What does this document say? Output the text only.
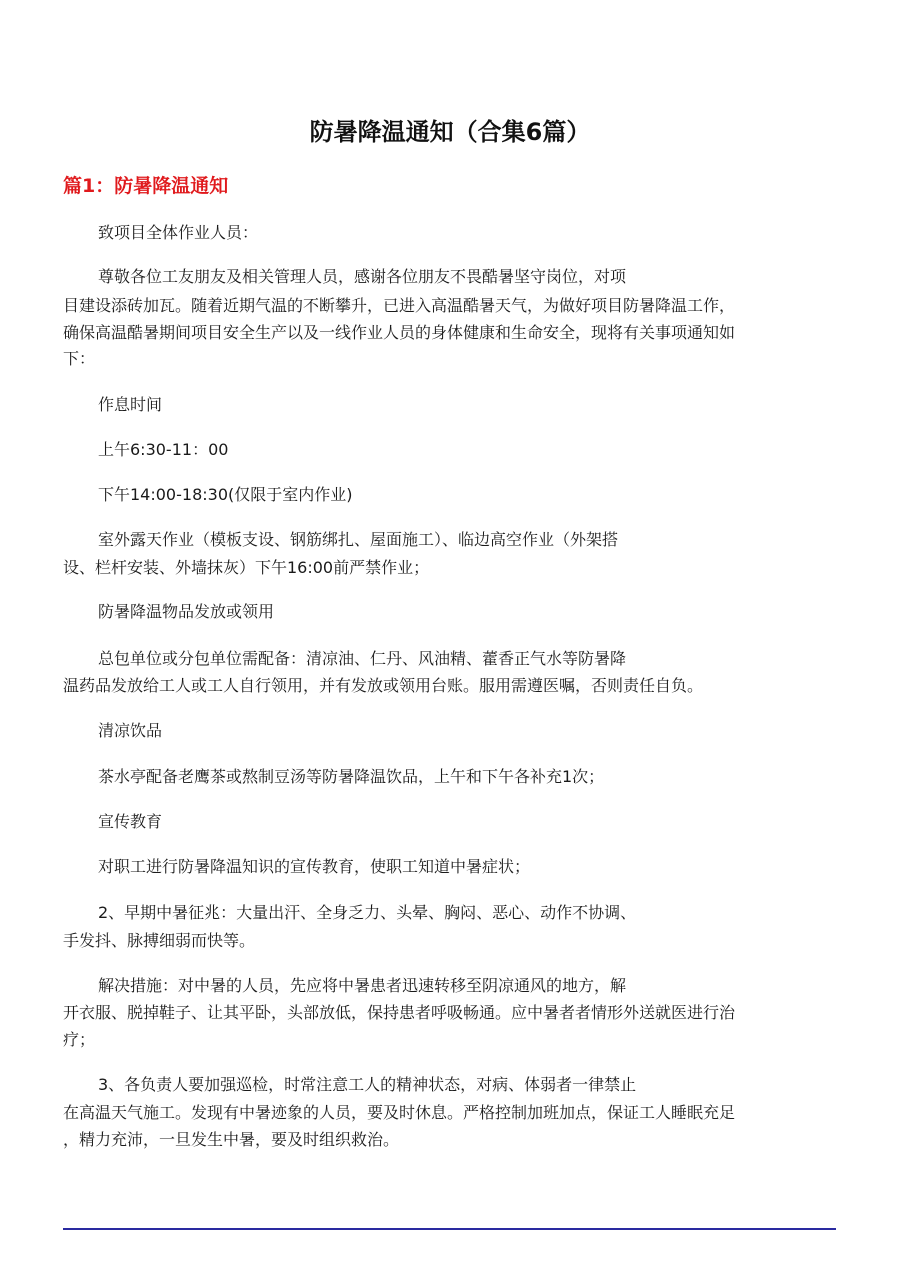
防暑降温通知（合集6篇）
篇1：防暑降温通知
致项目全体作业人员：
尊敬各位工友朋友及相关管理人员，感谢各位朋友不畏酷暑坚守岗位，对项
目建设添砖加瓦。随着近期气温的不断攀升，已进入高温酷暑天气，为做好项目防暑降温工作，
确保高温酷暑期间项目安全生产以及一线作业人员的身体健康和生命安全，现将有关事项通知如
下：
作息时间
上午6:30-11：00
下午14:00-18:30(仅限于室内作业)
室外露天作业（模板支设、钢筋绑扎、屋面施工）、临边高空作业（外架搭
设、栏杆安装、外墙抹灰）下午16:00前严禁作业；
防暑降温物品发放或领用
总包单位或分包单位需配备：清凉油、仁丹、风油精、藿香正气水等防暑降
温药品发放给工人或工人自行领用，并有发放或领用台账。服用需遵医嘱，否则责任自负。
清凉饮品
茶水亭配备老鹰茶或熬制豆汤等防暑降温饮品，上午和下午各补充1次；
宣传教育
对职工进行防暑降温知识的宣传教育，使职工知道中暑症状；
2、早期中暑征兆：大量出汗、全身乏力、头晕、胸闷、恶心、动作不协调、
手发抖、脉搏细弱而快等。
解决措施：对中暑的人员，先应将中暑患者迅速转移至阴凉通风的地方，解
开衣服、脱掉鞋子、让其平卧，头部放低，保持患者呼吸畅通。应中暑者者情形外送就医进行治
疗；
3、各负责人要加强巡检，时常注意工人的精神状态，对病、体弱者一律禁止
在高温天气施工。发现有中暑迹象的人员，要及时休息。严格控制加班加点，保证工人睡眠充足
，精力充沛，一旦发生中暑，要及时组织救治。
